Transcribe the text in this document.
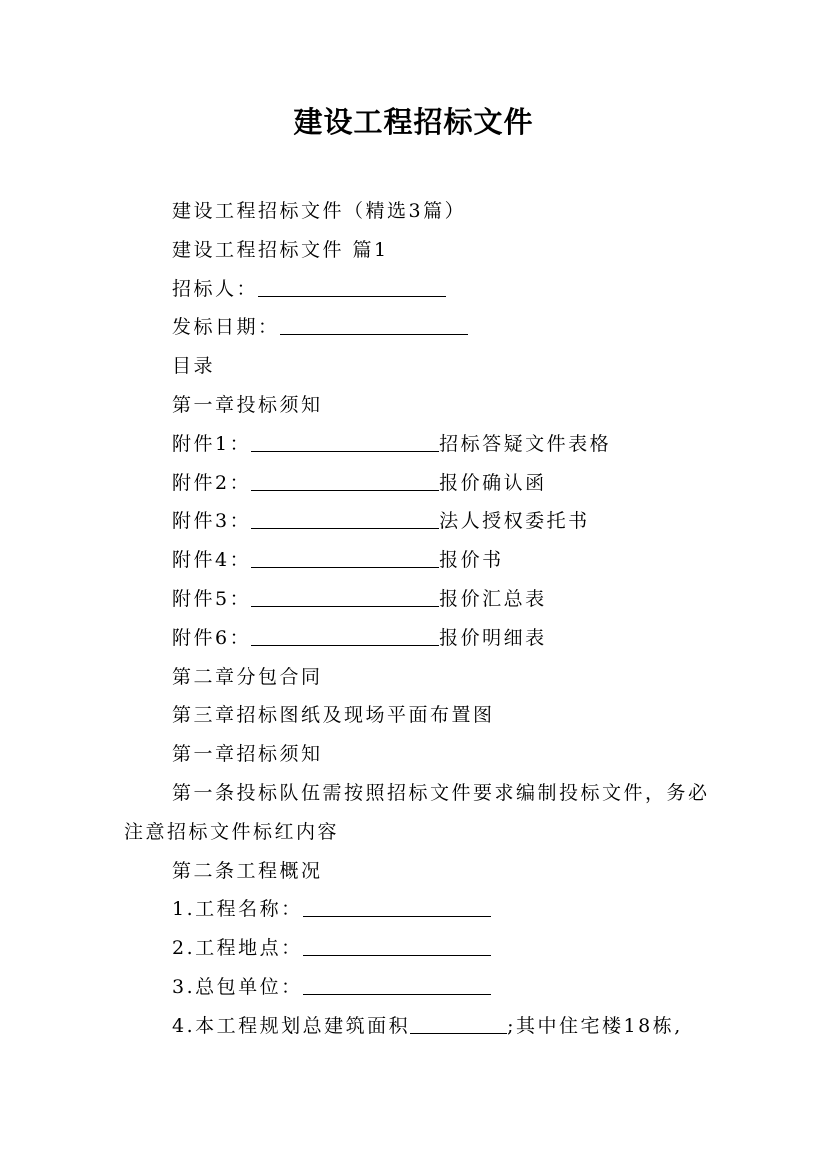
建设工程招标文件

建设工程招标文件（精选3篇）

建设工程招标文件 篇1

招标人：

发标日期：

目录

第一章投标须知

附件1：	招标答疑文件表格

附件2：	报价确认函

附件3：	法人授权委托书

附件4：	报价书

附件5：	报价汇总表

附件6：	报价明细表

第二章分包合同

第三章招标图纸及现场平面布置图

第一章招标须知

第一条投标队伍需按照招标文件要求编制投标文件，务必注意招标文件标红内容

第二条工程概况

1.工程名称：

2.工程地点：

3.总包单位：

4.本工程规划总建筑面积	;其中住宅楼18栋,
